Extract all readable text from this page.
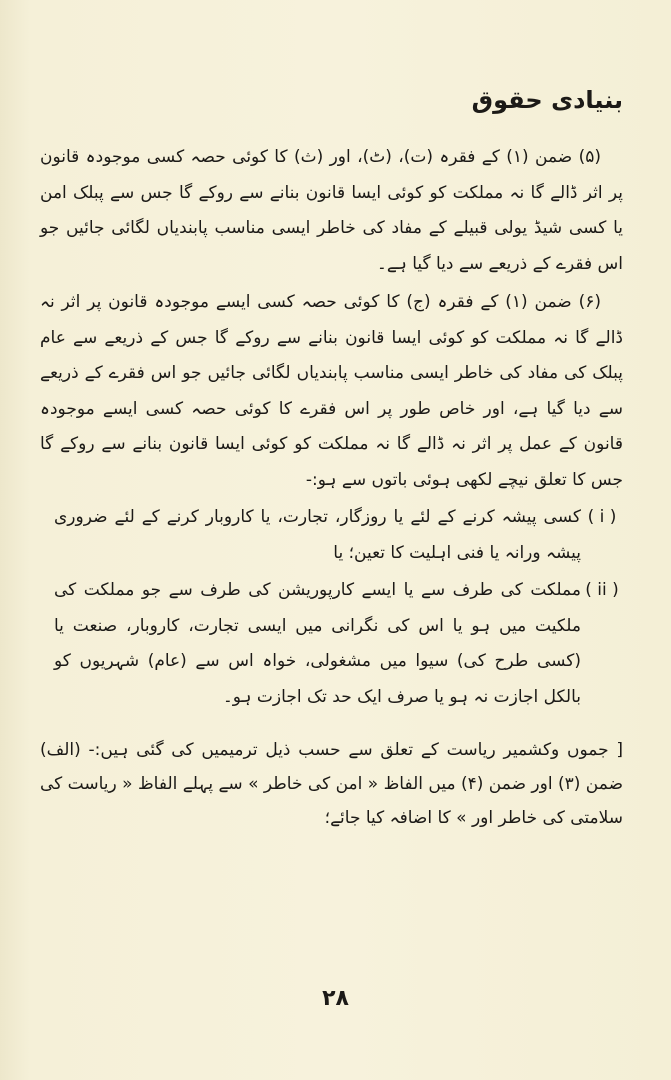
بنیادی حقوق

(۵) ضمن (۱) کے فقرہ (ت)، (ٹ)، اور (ث) کا کوئی حصہ کسی موجودہ قانون پر اثر ڈالے گا نہ مملکت کو کوئی ایسا قانون بنانے سے روکے گا جس سے پبلک امن یا کسی شیڈ یولی قبیلے کے مفاد کی خاطر ایسی مناسب پابندیاں لگائی جائیں جو اس فقرے کے ذریعے سے دیا گیا ہے۔

(۶) ضمن (۱) کے فقرہ (ج) کا کوئی حصہ کسی ایسے موجودہ قانون پر اثر نہ ڈالے گا نہ مملکت کو کوئی ایسا قانون بنانے سے روکے گا جس کے ذریعے سے عام پبلک کی مفاد کی خاطر ایسی مناسب پابندیاں لگائی جائیں جو اس فقرے کے ذریعے سے دیا گیا ہے، اور خاص طور پر اس فقرے کا کوئی حصہ کسی ایسے موجودہ قانون کے عمل پر اثر نہ ڈالے گا نہ مملکت کو کوئی ایسا قانون بنانے سے روکے گا جس کا تعلق نیچے لکھی ہوئی باتوں سے ہو:-

( i )
کسی پیشہ کرنے کے لئے یا روزگار، تجارت، یا کاروبار کرنے کے لئے ضروری پیشہ ورانہ یا فنی اہلیت کا تعین؛ یا
( ii )
مملکت کی طرف سے یا ایسے کارپوریشن کی طرف سے جو مملکت کی ملکیت میں ہو یا اس کی نگرانی میں ایسی تجارت، کاروبار، صنعت یا (کسی طرح کی) سیوا میں مشغولی، خواہ اس سے (عام) شہریوں کو بالکل اجازت نہ ہو یا صرف ایک حد تک اجازت ہو۔

[ جموں وکشمیر ریاست کے تعلق سے حسب ذیل ترمیمیں کی گئی ہیں:- (الف) ضمن (۳) اور ضمن (۴) میں الفاظ « امن کی خاطر » سے پہلے الفاظ « ریاست کی سلامتی کی خاطر اور » کا اضافہ کیا جائے؛

۲۸
